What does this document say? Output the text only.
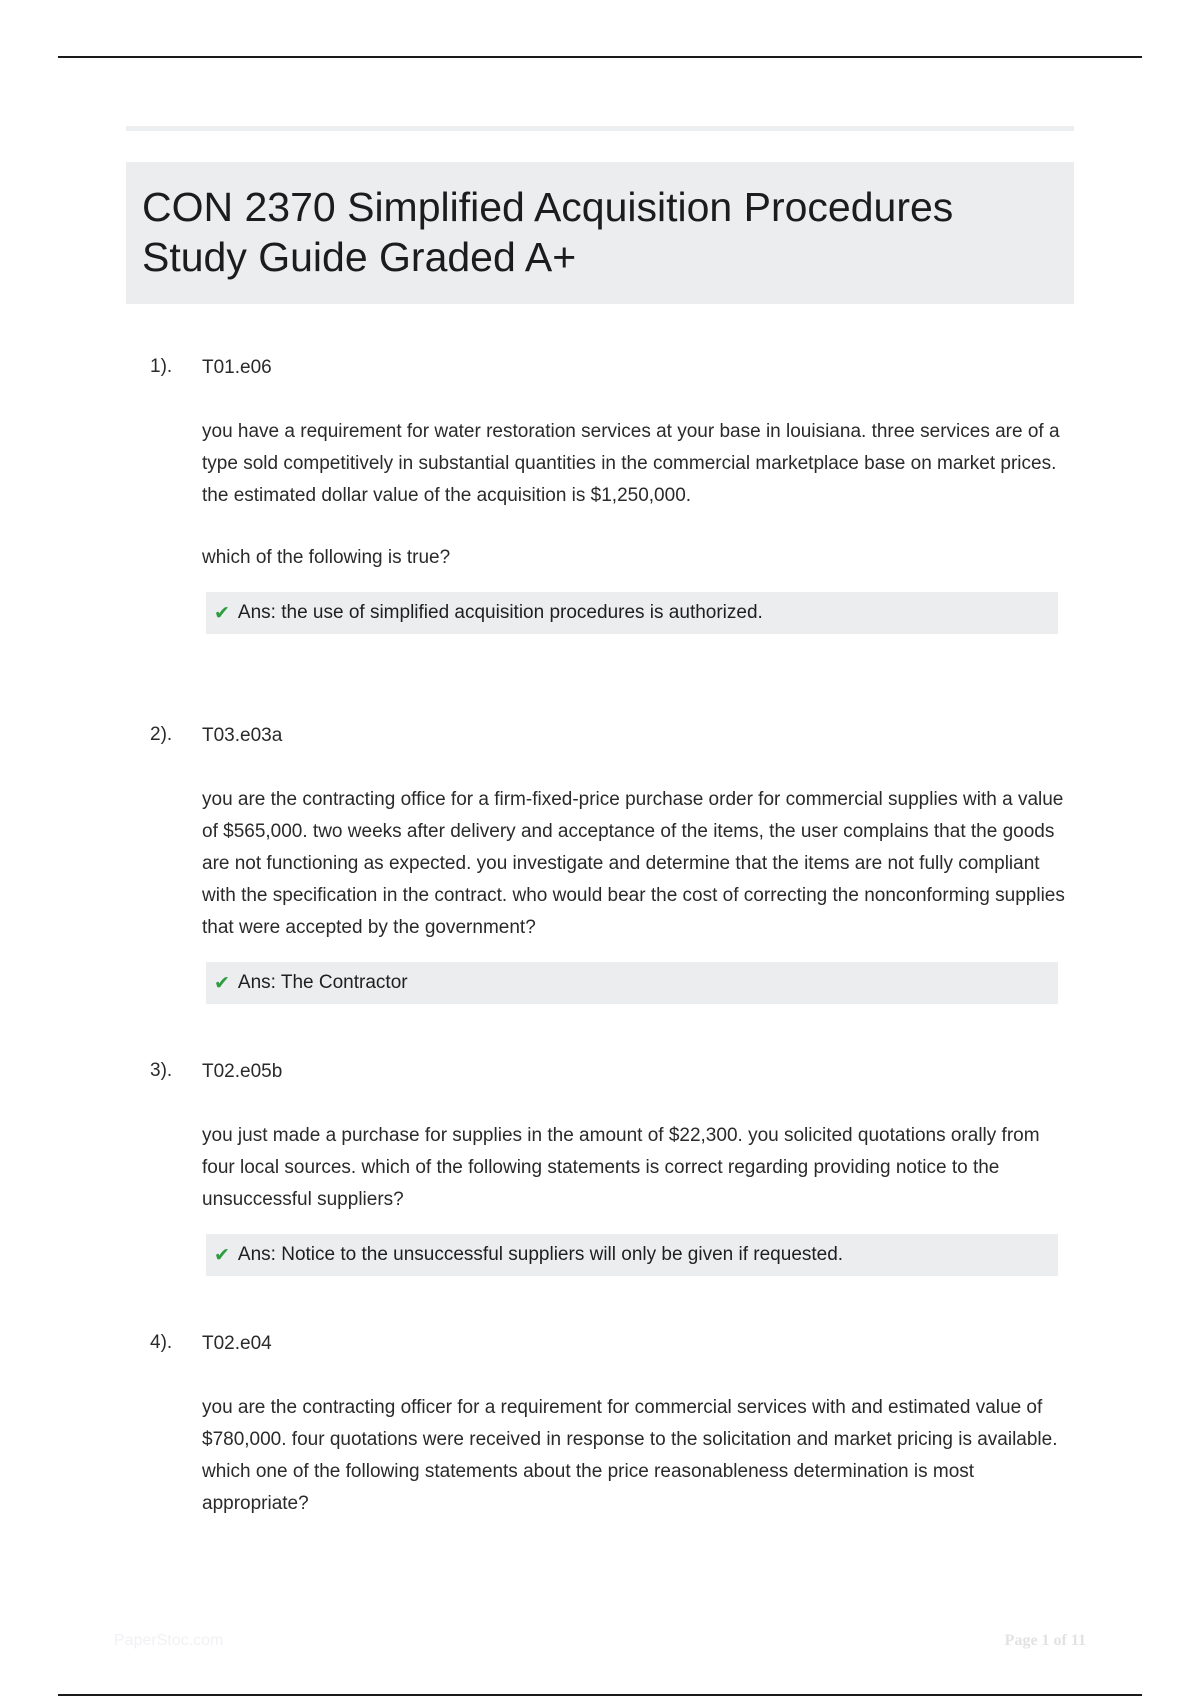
CON 2370 Simplified Acquisition Procedures
Study Guide Graded A+
1). T01.e06

you have a requirement for water restoration services at your base in louisiana. three services are of a type sold competitively in substantial quantities in the commercial marketplace base on market prices. the estimated dollar value of the acquisition is $1,250,000.

which of the following is true?

✔ Ans: the use of simplified acquisition procedures is authorized.
2). T03.e03a

you are the contracting office for a firm-fixed-price purchase order for commercial supplies with a value of $565,000. two weeks after delivery and acceptance of the items, the user complains that the goods are not functioning as expected. you investigate and determine that the items are not fully compliant with the specification in the contract. who would bear the cost of correcting the nonconforming supplies that were accepted by the government?

✔ Ans: The Contractor
3). T02.e05b

you just made a purchase for supplies in the amount of $22,300. you solicited quotations orally from four local sources. which of the following statements is correct regarding providing notice to the unsuccessful suppliers?

✔ Ans: Notice to the unsuccessful suppliers will only be given if requested.
4). T02.e04

you are the contracting officer for a requirement for commercial services with and estimated value of $780,000. four quotations were received in response to the solicitation and market pricing is available. which one of the following statements about the price reasonableness determination is most appropriate?

PaperStoc.com	Page 1 of 11
